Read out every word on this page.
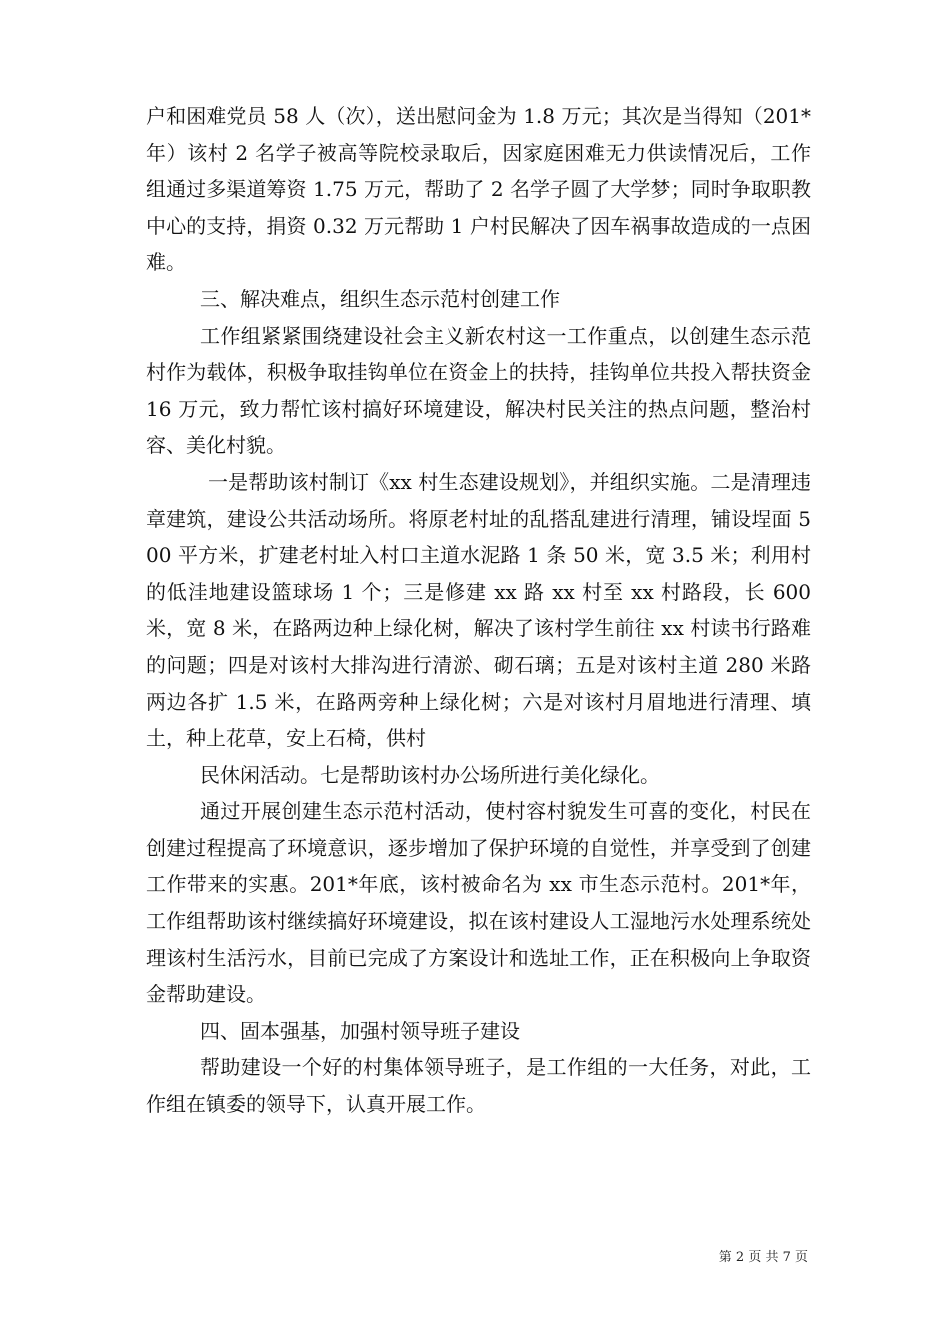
户和困难党员 58 人（次），送出慰问金为 1.8 万元；其次是当得知（201*年）该村 2 名学子被高等院校录取后，因家庭困难无力供读情况后，工作组通过多渠道筹资 1.75 万元，帮助了 2 名学子圆了大学梦；同时争取职教中心的支持，捐资 0.32 万元帮助 1 户村民解决了因车祸事故造成的一点困难。

三、解决难点，组织生态示范村创建工作

工作组紧紧围绕建设社会主义新农村这一工作重点，以创建生态示范村作为载体，积极争取挂钩单位在资金上的扶持，挂钩单位共投入帮扶资金 16 万元，致力帮忙该村搞好环境建设，解决村民关注的热点问题，整治村容、美化村貌。

一是帮助该村制订《xx 村生态建设规划》，并组织实施。二是清理违章建筑，建设公共活动场所。将原老村址的乱搭乱建进行清理，铺设埕面 500 平方米，扩建老村址入村口主道水泥路 1 条 50 米，宽 3.5 米；利用村的低洼地建设篮球场 1 个；三是修建 xx 路 xx 村至 xx 村路段，长 600 米，宽 8 米，在路两边种上绿化树，解决了该村学生前往 xx 村读书行路难的问题；四是对该村大排沟进行清淤、砌石璃；五是对该村主道 280 米路两边各扩 1.5 米，在路两旁种上绿化树；六是对该村月眉地进行清理、填土，种上花草，安上石椅，供村

民休闲活动。七是帮助该村办公场所进行美化绿化。

通过开展创建生态示范村活动，使村容村貌发生可喜的变化，村民在创建过程提高了环境意识，逐步增加了保护环境的自觉性，并享受到了创建工作带来的实惠。201*年底，该村被命名为 xx 市生态示范村。201*年，工作组帮助该村继续搞好环境建设，拟在该村建设人工湿地污水处理系统处理该村生活污水，目前已完成了方案设计和选址工作，正在积极向上争取资金帮助建设。

四、固本强基，加强村领导班子建设

帮助建设一个好的村集体领导班子，是工作组的一大任务，对此，工作组在镇委的领导下，认真开展工作。

第 2 页 共 7 页
